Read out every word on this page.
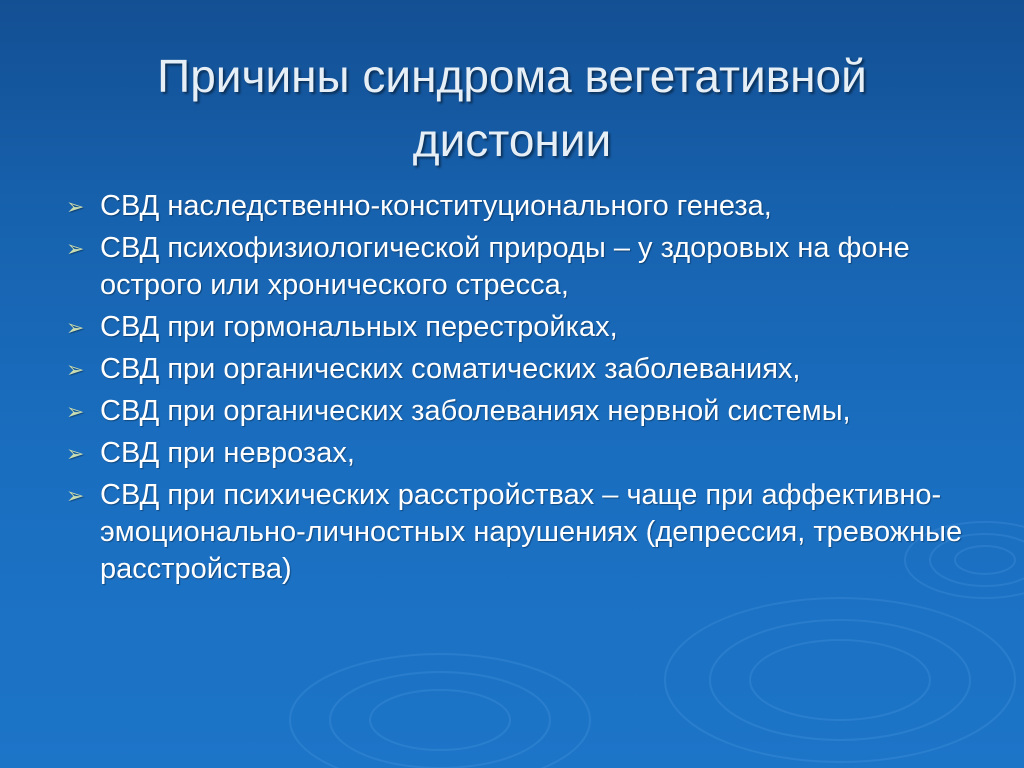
Причины синдрома вегетативной
дистонии
➢ СВД наследственно-конституционального генеза,
➢ СВД психофизиологической природы – у здоровых на фоне острого или хронического стресса,
➢ СВД при гормональных перестройках,
➢ СВД при органических соматических заболеваниях,
➢ СВД при органических заболеваниях нервной системы,
➢ СВД при неврозах,
➢ СВД при психических расстройствах – чаще при аффективно-эмоционально-личностных нарушениях (депрессия, тревожные расстройства)
